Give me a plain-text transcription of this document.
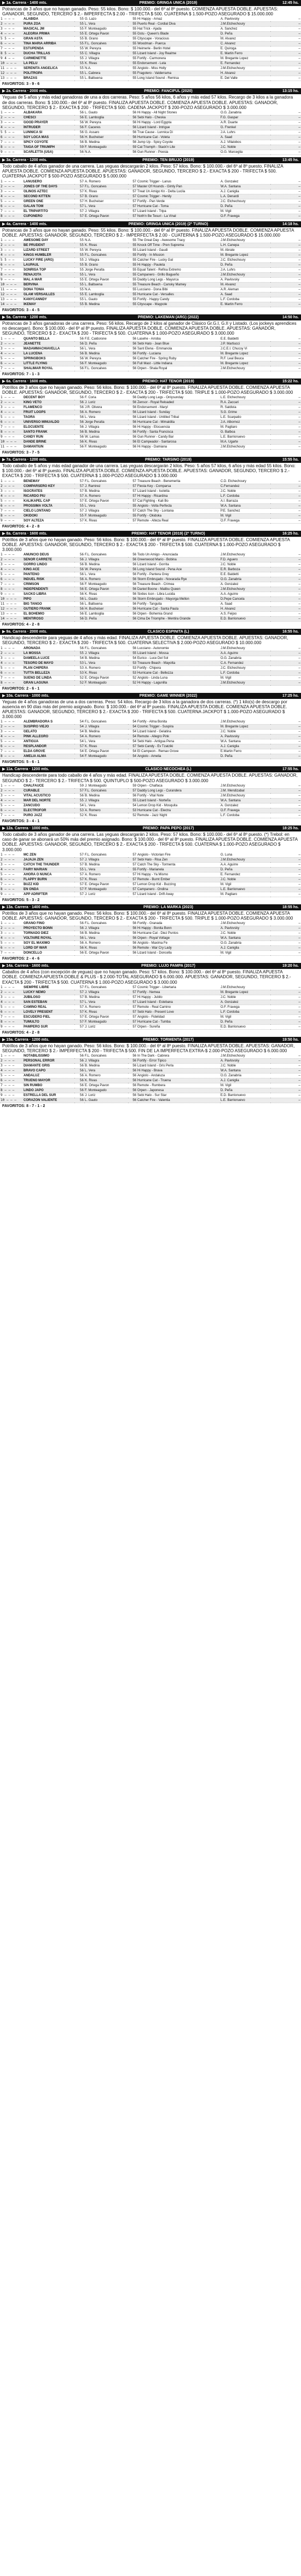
▶ 1a. Carrera · 1400 mts.	PREMIO: GRINGA UNICA (2019)	12:45 hs.
Potrancas de 3 años que no hayan ganado. Peso: 55 kilos. Bono: $ 100.000.- del 6º al 8º puesto. COMIENZA APUESTA DOBLE. APUESTAS: GANADOR, SEGUNDO, TERCERO $ 2.- IMPERFECTA $ 2.00 - TRIFECTA $ 500. CUATERNA $ 1.500-POZO ASEGURADO $ 15.000.000
1 — — —	ALABIDA	55	G. Lazo	55	Hi Happy - Arnaz	A. Pavlovsky	—
2 — — —	PURA ZOA	55	L. Vera	55	Puerto Real - Cordial Diva	J.M.Etchechoury	—
3 — — —	MAGICAL JM	55	F. Monteagudo	55	Hat Trick - Ajada	A. Sanchez	—
4 — — —	ALEGRIA PRIMA	55	E. Ortega Pavon	55	Gstu - Queen's Blade	D. Peña	—
5 5 — —	GRAN ASTA	55	B. Grano	55	Cityscape - Voracious	M. Alvarez	—
6 — — —	TINA MARIA ARRIBA	55	F.L. Goncalves	55	Woodman - Puerca	C. Alvarez	—
7 — — —	ESTUPENDA	55	W. Pereyra	55	Heimerle - Berlin Hotel	E. Quiroga	—
8 5 — —	DUCHA TRILLAS	55	C. Villagra	55	Lizard Island - Joy Realme	E. Martin Ferro	—
9 4 — —	CARMENETTE	55	J. Villagra	55	Fortify - Carmonera	M. Bregante Lopez	—
10 — — —	LA PELU	55	K. Rivas	55	Endorsement - Lela	E. Fernandez	—
11 — — —	SERENITA ANGELICA	55	N.A.	55	Angiolo - Miss Holly	J.M.Etchechoury	—
12 — — —	POLITROPA	55	L. Cabrera	55	Fragotero - Valderrama	H. Alvarez	—
13 — — —	BRAZAS	55	L. Balbuena	55	Long Island Sound - Remisa	E. Del Valle	—
FAVORITOS: 3 - 9 - 6
▶ 2a. Carrera · 2000 mts.	PREMIO: FANCIFUL (2020)	13:15 hs.
Yeguas de 5 años y más edad ganadoras de una a dos carreras. Peso: 5 años 56 kilos, 6 años y más edad 57 kilos. Recargo de 3 kilos a la ganadora de dos carreras. Bono: $ 100.000.- del 6º al 8º puesto. FINALIZA APUESTA DOBLE. COMIENZA APUESTA DOBLE. APUESTAS: GANADOR, SEGUNDO, TERCERO $ 2.- EXACTA $ 200 - TRIFECTA $ 500. CADENA JACKPOT $ 200-POZO ASEGURADO $ 3.000.000
1 — — —	ALBAKARA	56	L. Gauto	56	Hi Happy - All Night Stones	O.G. Zanabria	—
2 — — —	CHESCI	56	E. Lamboglia	56	Sebi Halo - Cheska	F.G. Gaspar	—
3 — — —	GOOD PRAYER	56	W. Pereyra	56	Hi Happy - Lord Egypta	A.R. Duarte	—
4 — — —	INTRUDER	56	F. Caceres	56	Lizard Island - Intrigue	G. Frenkel	—
5 5 — —	LUNNICA SI	56	G. Assaro	56	True Cause - Lunnica Di	J.A. Luhrs	—
6 — — —	SOY LOCA MAS	56	H. Bucheiser	56	Hurricane Cat - Voleta	A. Saad	—
7 — — —	SPICY COYOTE	56	B. Medina	56	Jump Up - Spicy Coyote	A.J. Villalobos	—
8 — — —	TAIGA OF TRIUMPH	59	F. Monteagudo	59	Cat Triumph - Stack'n Lite	J.C. Noble	—
9 — — —	SCARLETTA (USA)	56	N.A.	56	Gun Runner - Poesia	O.G. Marceglia	—
▶ 3a. Carrera · 1200 mts.	PREMIO: TEN BRUJO (2019)	13:45 hs.
Todo caballo de 4 años ganador de una carrera. Las yeguas descargarán 2 kilos. Peso: 57 kilos. Bono: $ 100.000.- del 6º al 8º puesto. FINALIZA APUESTA DOBLE. COMIENZA APUESTA DOBLE. APUESTAS: GANADOR, SEGUNDO, TERCERO $ 2.- EXACTA $ 200 - TRIFECTA $ 500. CUATERNA JACKPOT $ 500-POZO ASEGURADO $ 5.000.000
1 — — —	LANUSERO	57	A. Romero	57	Cosmic Trigger - Lanus	A. Gonzalez	—
2 — — —	JONES OF THE DAYS	57	F.L. Goncalves	57	Master Of Hounds - Gimly Pan	W.A. Santana	—
3 — — —	OLINOS AZTEC	57	K. Rivas	57	Treat Un Amigo Kn - Delta Lucila	A.J. Caniglia	—
4 — — —	SECOND KITTEN	57	B. Grano	57	Cosmic Trigger - Henily	L.A. Denardi	—
5 — — —	GREEN ONE	57	H. Bucheiser	57	Fortify - Pan Verde	J.C. Etchechoury	—
6 — — —	GALAN TOM	57	L. Vera	57	Hurricane Cat - Toma	D. Peña	—
7 — — —	EL TRIPARTITO	57	J. Villagra	57	Lizard Island - Tripa	M. Vigil	—
8 — — —	CUPONERO	57	E. Ortega Pavon	57	Noth'n Be Tesuri - La Vinal	O.F. Fravega	—
▶ 4a. Carrera · 1400 mts.	PREMIO: GRINGA UNICA (2019) (2º TURNO)	14:18 hs.
Potrancas de 3 años que no hayan ganado. Peso: 55 kilos. Bono: $ 100.000.- del 6º al 8º puesto. FINALIZA APUESTA DOBLE. COMIENZA APUESTA DOBLE. APUESTAS: GANADOR, SEGUNDO, TERCERO $ 2.- IMPERFECTA $ 2.00 - CUATERNA $ 1.500-POZO ASEGURADO $ 15.000.000
1 — — —	AWESOME DAY	55	N.A.	55	The Great Day - Awesome Tracy	J.M.Etchechoury	—
2 — — —	BE PRUDENT	55	K. Rivas	55	Knock Off Time - Pren Suprema	L.H. Canepa	—
3 — — —	LIZARD STREET	55	W. Pereyra	55	Lizard Island - Gaudi	M. Abrate	—
4 — — —	KINGS HUMBLER	55	F.L. Goncalves	55	Fortify - In Mission	M. Bregante Lopez	—
5 5 — —	LUCKY FIRE (ARG)	55	J. Villagra	55	Catcher Fire - Lucky Gal	J.C. Etchechoury	—
6 — — —	LAUPAUL	55	B. Grano	55	Hi Happy - Pauleta	D. Peña	—
7 — — —	SONRISA TOP	55	Jorge Peralta	55	Equal Talent - Refina Extremo	J.A. Luhrs	—
8 — — —	RENAJOTA	55	L. Vera	55	Campanero - Grillo Bagueño	J.M.Etchechoury	—
9 — — —	MAL A MAR	55	E. Ortega Pavon	55	Daddy Long Legs - Mayurca	A. Pavlovsky	—
10 — — —	BERVINA	55	L. Balbuena	55	Treasure Beach - Cansky Mamey	M. Alvarez	—
11 — — —	DOÑA TONIA	55	N.A.	55	Lucciano - Dona Bibi	A.R. Aleman	—
12 — — —	GLAM VERSAILLES	55	E. Lamboglia	55	Hurricane Cat - Versalles	A. Saad	—
13 — — —	KANYCANNDY	55	L. Gauto	55	Fortify - Happy Candy	L.F. Cordoba	—
14 — — —	IKEMAY	55	B. Medina	55	Cityscape - Maypole	E. Martin Ferro	—
FAVORITOS: 3 - 4 - 5
▶ 5a. Carrera · 1200 mts.	PREMIO: LAKEMAN (ARG) (2022)	14:50 hs.
Potrancas de 3 años ganadoras de una carrera. Peso: 56 kilos. Recargo de 2 kilos al ganador de Clásico Gr.G.I, G.II y Listado. (Los jockeys aprendices no descargan). Bono: $ 100.000.- del 6º al 8º puesto. FINALIZA APUESTA DOBLE. COMIENZA APUESTA DOBLE. APUESTAS: GANADOR, SEGUNDO, TERCERO $ 2.- EXACTA $ 200 - TRIFECTA $ 500. CUATERNA $ 1.000-POZO ASEGURADO $ 3.000.000
1 — — —	QUANTO BELLA	56	F.E. Caldorone	56	Lasehe - Arroba	E.E. Baldetti	—
2 — — —	JEANETTE	56	D. Peña	56	Sebi Halo - Jean Blue	J.P. Martiucci	—
3 — — —	MADAMMACHIAVELLA	56	L. Vera	56	Sant Elena - Emmanola	J.C.E.I. Chucoy Vi	—
4 — — —	LA LUCENA	56	B. Medina	56	Fortify - Luciana	M. Bregante Lopez	—
5 — — —	SPRINGBOKS	56	W. Pereyra	56	Catcher Fire - Spring Ruby	R.F. Leal Beuca	—
6 — — —	LITTLE FLYING	56	F. Monteagudo	56	Full Mast - Little Indiana	M. Bregante Lopez	—
7 — — —	SHALIMAR ROYAL	56	F.L. Goncalves	56	Orpen - Shala Royal	J.M.Etchechoury	—
FAVORITOS: 7 - 1 - 3
▶ 6a. Carrera · 1600 mts.	PREMIO: HAT TENOR (2019)	15:22 hs.
Potrillos de 3 años que no hayan ganado. Peso: 56 kilos. Bono: $ 100.000.- del 6º al 8º puesto. FINALIZA APUESTA DOBLE. COMIENZA APUESTA DOBLE. APUESTAS: GANADOR, SEGUNDO, TERCERO $ 2.- EXACTA $ 200 - TRIFECTA $ 500. TRIPLE $ 1.000-POZO ASEGURADO $ 3.000.000
1 — — —	DECENT BOY	56	F. Coria	56	Daddy Long Legs - Onlysunday	L.E. Etchechoury	—
2 — — —	KING VETO	56	J. Loriz	56	Zensor - Royal Reloaded	R.A. Zaccari	—
3 — — —	FLAMENCO	56	J.R. Olivera	56	Endorsement - Maryl	R. Saldivia	—
4 — — —	FRUIT LOOPS	56	A. Romero	56	Lizard Island - Sunday	S.G. Grime	—
5 — — —	TAORA	56	L. Vera	56	Lizard Island - Untitled Tribal	L.E. Scarpatio	—
6 — — —	UNIVERSO MINUALDO	56	Jorge Peralta	56	Hurricane Cat - Mimaldita	J.A. Albornoz	—
7 — — —	ELOCUENTE	56	J. Villagra	56	Hi Happy - Elocuencia	M. Pagliaro	—
8 — — —	SANTO FRANK	56	B. Medina	56	Fortify - Santa Francisca	G. Balboa	—
9 — — —	CANDY RUN	56	W. Lamas	56	Gun Runner - Candy Bar	L.E. Barrionuevo	—
10 — — —	DANDE BRINE	56	K. Rivas	56	El Campeador - Santarosa	M.A. Ugarte	—
11 — — —	DAMANTIUN	56	F. Monteagudo	56	Hi Happy - Damiana	J.M.Etchechoury	—
FAVORITOS: 3 - 7 - 5
▶ 7a. Carrera · 1200 mts.	PREMIO: TARSINO (2019)	15:55 hs.
Todo caballo de 5 años y más edad ganador de una carrera. Las yeguas descargarán 2 kilos. Peso: 5 años 57 kilos, 6 años y más edad 55 kilos. Bono: $ 100.000.- del 6º al 8º puesto. FINALIZA APUESTA DOBLE. COMIENZA APUESTA DOBLE. APUESTAS: GANADOR, SEGUNDO, TERCERO $ 2.- EXACTA $ 200 - TRIFECTA $ 500. CUATERNA $ 1.000-POZO ASEGURADO $ 3.000.000
1 — — —	BENEMAY	57	F.L. Goncalves	57	Treasure Beach - Benemerita	C.D. Etchechoury	—
2 — — —	COMPARSERO KEY	57	J. Ramirez	57	Fiesta Key - Comparsa	C.Fernandez	—
3 — — —	ISOCRATES	57	B. Medina	57	Lizard Island - Isoletta	J.C. Noble	—
4 — — —	RICARDO PIU	57	A. Romero	57	Hi Happy - Ricardina	L.F. Cordoba	—
5 — — —	KALIKAPEL CAP	57	E. Ortega Pavon	57	Cat Fighting - Kali Bo	A.I. Barraza	—
6 — — —	PROSSIMA VOLTA	55	L. Vera	55	Angiolo - Volta Perfecta	W.A. Santana	—
7 — — —	CIELO LONTANO	57	J. Villagra	57	Catch The Sky - Lontana	P.E. Sanchez	—
8 — — —	OKIDOKI	55	F. Monteagudo	55	Fortify - Okidoka	M. Vigil	—
9 — — —	SOY ALTEZA	57	K. Rivas	57	Remote - Alteza Real	O.F. Fravega	—
FAVORITOS: 4 - 2 - 8
▶ 8a. Carrera · 1600 mts.	PREMIO: HAT TENOR (2019) (2º TURNO)	16:25 hs.
Potrillos de 3 años que no hayan ganado. Peso: 56 kilos. Bono: $ 100.000.- del 6º al 8º puesto. FINALIZA APUESTA DOBLE. COMIENZA APUESTA DOBLE. APUESTAS: GANADOR, SEGUNDO, TERCERO $ 2.- EXACTA $ 200 - TRIFECTA $ 500. CUATERNA $ 1.000-POZO ASEGURADO $ 3.000.000
1 — — —	ANUNCIO DEUS	56	F.L. Goncalves	56	Todo Un Amigo - Anunciada	J.M.Etchechoury	—
2 — — —	SEÑOR CARRETE	56	J. Villagra	56	Greenwood Mario - Bobina	F.D. Aguero	—
3 — — —	GORRO LINDO	56	B. Medina	56	Lizard Island - Gorrita	J.C. Noble	—
4 — — —	KING ACE	56	W. Pereyra	56	Long Island Sound - Pena Ace	E.R. Barboza	—
5 — — —	PANTENO	56	L. Vera	56	Fortify - Pantera Grey	E.E. Baldetti	—
6 — — —	INDUEL RISK	56	A. Romero	56	Storm Embrujado - Novarada Rye	O.G. Zanabria	—
7 — — —	CRIMSON	56	F. Monteagudo	56	Treasure Beach - Crimea	A. Gonzalez	—
8 — — —	INDEPENDENTI	56	E. Ortega Pavon	56	Daniel Boone - Malibu Queen	J.M.Etchechoury	—
9 — — —	SACKO LIBRA	56	K. Rivas	56	Sixties Icon - Libra Lucida	A.A. Aguirre	—
10 — — —	PIPO	56	L. Gauto	56	Storm Embrujado - Mayorga Mellon	D.Pepe Cancela	—
11 — — —	BIG TANGO	56	L. Balbuena	56	Fortify - Tanguita	A. Saad	—
12 — — —	GUTIERO FRANK	56	H. Bucheiser	56	Hurricane Cat - Santa Paula	H. Alvarez	—
13 — — —	EL BOHEMIO	56	E. Lamboglia	56	Orpen - Bohemia Grand	A.S. Feijoo	—
14 — — —	MENTIROSO	56	D. Peña	56	Cima De Triomphe - Mentira Grande	E.D. Barrionuevo	—
FAVORITOS: 4 - 2 - 8
▶ 9a. Carrera · 2000 mts.	CLASICO ESPINITA (L)	16:55 hs.
Handicap descendente para yeguas de 4 años y más edad. FINALIZA APUESTA DOBLE. COMIENZA APUESTA DOBLE. APUESTAS: GANADOR, SEGUNDO, TERCERO $ 2.- EXACTA $ 200 - TRIFECTA $ 500. CUATERNA SELECTIVA $ 2.000-POZO ASEGURADO $ 10.000.000
1 — — —	ARONADA	56	F.L. Goncalves	56	Lucciano - Autonomie	J.M.Etchechoury	—
2 — — —	LA MOSSA	55	J. Villagra	55	Lizard Island - Mossa	A.A. Aguirre	—
3 — — —	DAMEELA LUCE	54	B. Medina	54	Eurico - Luce Del Sol	O.G. Zanabria	—
4 — — —	TESORO DE MAYO	53	L. Vera	53	Treasure Beach - Mayotta	C.A. Fernandez	—
5 — — —	PLAN CHIPERA	53	A. Romero	53	Fortify - Chipera	J.C. Etchechoury	—
6 — — —	TUTTA BELLEZA	53	K. Rivas	53	Hurricane Cat - Bellezza	L.F. Cordoba	—
7 — — —	SUEÑO DE LINDA	52	E. Ortega Pavon	52	Angiolo - Linda Luna	M. Vigil	—
8 — — —	GRAN LAGUNA	52	F. Monteagudo	52	Hi Happy - Lagunilla	J.M.Etchechoury	—
FAVORITOS: 2 - 6 - 1
▶ 10a. Carrera · 1000 mts.	PREMIO: GAME WINNER (2022)	17:25 hs.
Yeguas de 4 años ganadoras de una a dos carreras. Peso: 54 kilos. Recargo de 3 kilos a la ganadora de dos carreras. (*) 1 kilo(s) de descargo por ausencia en 90 días más del premio asignado. Bono: $ 100.000.- del 6º al 8º puesto. FINALIZA APUESTA DOBLE. COMIENZA APUESTA DOBLE. APUESTAS: GANADOR, SEGUNDO, TERCERO $ 2.- EXACTA $ 200 - TRIFECTA $ 500. CUATERNA JACKPOT $ 1.000-POZO ASEGURADO $ 3.000.000
1 — — —	ALEMBRADORA S	54	F.L. Goncalves	54	Fortify - Alma Bonita	J.M.Etchechoury	—
2 — — —	SUSPIRO VIEJO	54	J. Villagra	54	Cosmic Trigger - Suspira	M. Bregante Lopez	—
3 — — —	GELATO	54	B. Medina	54	Lizard Island - Gelatina	J.C. Noble	—
4 — — —	PINK ALLEGRO	54	A. Romero	54	Remote - Allegro Pink	A. Pavlovsky	—
5 — — —	ANTIGUA	54	L. Vera	54	Sebi Halo - Antigua Pena	W.A. Santana	—
6 — — —	RESPLANDOR	57	K. Rivas	57	Sebi Candy - Ev Tzatziki	A.J. Caniglia	—
7 — — —	ELDA GROVE	54	E. Ortega Pavon	54	El Campeon - Remax Grove	E.Martin Ferro	—
8 — — —	AMELIA ALMA	54	F. Monteagudo	54	Angiolo - Amelia	D. Peña	—
FAVORITOS: 5 - 6 - 1
▶ 11a. Carrera · 1200 mts.	CLASICO NECOCHEA (L)	17:55 hs.
Handicap descendente para todo caballo de 4 años y más edad. FINALIZA APUESTA DOBLE. COMIENZA APUESTA DOBLE. APUESTAS: GANADOR, SEGUNDO $ 2.- TERCERO $ 2.- TRIFECTA $ 500. QUINTUPLO $ 500-POZO ASEGURADO $ 3.000.000
1 — — —	CHALFAUCE	59	J. Monteagudo	59	Orpen - Chalfaca	J.M.Etchechoury	—
2 — — —	CURABLE	57	F.L. Goncalves	57	Daddy Long Legs - Curandera	J.M. Mendizabal	—
3 — — —	VITAL ACUSTICO	56	B. Medina	56	Fortify - Vital Note	J.M.Etchechoury	—
4 — — —	MAR DEL NORTE	55	J. Villagra	55	Lizard Island - Norteña	W.A. Santana	—
5 — — —	ZANCUDO	54	L. Vera	54	Lemon Drop Kid - Mosquita	A. Gonzalez	—
6 — — —	ELECTROFOR	53	A. Romero	53	Hurricane Cat - Electra	O.F. Fravega	—
7 — — —	PURO JAZZ	52	K. Rivas	52	Remote - Jazz Night	L.F. Cordoba	—
FAVORITOS: 3 - 4 - 1
▶ 12a. Carrera · 1000 mts.	PREMIO: PAPA PEPO (2017)	18:25 hs.
Todo caballo de 3 años ganador de una carrera. Las yeguas descargarán 2 kilos. Peso: 57 kilos. Bono: $ 100.000.- del 6º al 8º puesto. (*) Trebol: en caso de ganar se abonará un 50% más del premio asignado. Bono: $ 100.000.- del 6º al 8º puesto. FINALIZA APUESTA DOBLE. COMIENZA APUESTA DOBLE. APUESTAS: GANADOR, SEGUNDO, TERCERO $ 2.- EXACTA $ 200 - TRIFECTA $ 500. CUATERNA $ 1.000-POZO ASEGURADO $ 3.000.000
1 — — —	MC ZEN	57	F.L. Goncalves	57	Angiolo - Victorian Fire	G. Luna	—
2 — — —	JAJAJA ZEN	57	J. Villagra	57	Sebi Halo - Risa Zen	J.M.Etchechoury	—
3 — — —	CATCH THE THUNDER	57	B. Medina	57	Catch The Sky - Tormenta	A.A. Aguirre	—
4 — — —	FAIRY MARIAN	55	L. Vera	55	Fortify - Marianela	D. Peña	—
5 — — —	AHORA O NUNCA	57	A. Romero	57	Hi Happy - Ya Mismo	E. Fernandez	—
6 — — —	FLAPPY BURN	57	K. Rivas	57	Remote - Burnt Ember	J.C. Noble	—
7 — — —	BUZZ KID	57	E. Ortega Pavon	57	Lemon Drop Kid - Buzzing	M. Vigil	—
8 — — —	EN ONDA	57	F. Monteagudo	57	Campanero - Ondina	L.E. Barrionuevo	—
9 — — —	APP ADRIFTER	57	J. Loriz	57	Lizard Island - Drift Away	M. Pagliaro	—
FAVORITOS: 5 - 3 - 2
▶ 13a. Carrera · 1400 mts.	PREMIO: LA MARKA (2023)	18:55 hs.
Potrillos de 3 años que no hayan ganado. Peso: 56 kilos. Bono: $ 100.000.- del 6º al 8º puesto. FINALIZA APUESTA DOBLE. COMIENZA APUESTA DOBLE. APUESTAS: GANADOR, SEGUNDO, TERCERO $ 2.- EXACTA $ 200 - TRIFECTA $ 500. TRIPLE $ 1.000-POZO ASEGURADO $ 3.000.000
1 — — —	GRANO FINO	56	F.L. Goncalves	56	Fortify - Granada	J.M.Etchechoury	—
2 — — —	PROYECTO BONN	56	J. Villagra	56	Hi Happy - Bonita Bonn	A. Pavlovsky	—
3 — — —	TORNADO DIEZ	56	B. Medina	56	Hurricane Cat - Diez Puntos	J.C. Noble	—
4 — — —	VOLTAIRE ROYAL	56	L. Vera	56	Orpen - Royal Voltage	W.A. Santana	—
5 — — —	SOY EL MAXIMO	56	A. Romero	56	Angiolo - Maxima Fe	O.G. Zanabria	—
6 — — —	LORD OF WAR	56	K. Rivas	56	Remote - War Cry Lady	A.J. Caniglia	—
7 — — —	DONCELLO	56	E. Ortega Pavon	56	Lizard Island - Doncella	M. Vigil	—
FAVORITOS: 2 - 4 - 6
▶ 14a. Carrera · 1600 mts.	PREMIO: LUJO PAMPA (2017)	19:20 hs.
Caballos de 4 años (con excepción de yeguas) que no hayan ganado. Peso: 57 kilos. Bono: $ 100.000.- del 6º al 8º puesto. FINALIZA APUESTA DOBLE. COMIENZA APUESTA DOBLE & PLUS - $ 2.000-TOTAL ASEGURADO $ 6.000.000. APUESTAS: GANADOR, SEGUNDO, TERCERO $ 2.- EXACTA $ 200 - TRIFECTA $ 500. CUATERNA $ 1.000-POZO ASEGURADO $ 3.000.000
1 — — —	SIEMPRE LIBRE	57	F.L. Goncalves	57	Cosmic Trigger - Libertaria	J.M.Etchechoury	—
2 — — —	LUCKY NEMO	57	J. Villagra	57	Fortify - Nemea	M. Bregante Lopez	—
3 — — —	JUBILOSO	57	B. Medina	57	Hi Happy - Jubilo	J.C. Noble	—
4 — — —	SAN ESTEBAN	57	L. Vera	57	Lizard Island - Estebana	A. Gonzalez	—
5 — — —	CAMINO REAL	57	A. Romero	57	Remote - Real Camino	O.F. Fravega	—
6 — — —	LOVELY PRESENT	57	K. Rivas	57	Sebi Halo - Present Love	L.F. Cordoba	—
7 — — —	ESCUDERO FIEL	57	E. Ortega Pavon	57	Angiolo - Fidelidad	M. Vigil	—
8 — — —	TUMULTO	57	F. Monteagudo	57	Hurricane Cat - Tumba	D. Peña	—
9 — — —	PAMPERO SUR	57	J. Loriz	57	Orpen - Sureña	E.D. Barrionuevo	—
FAVORITOS: 4 - 2 - 8
▶ 15a. Carrera · 1200 mts.	PREMIO: TORMENTA (2017)	19:50 hs.
Potrillos de 3 años que no hayan ganado. Peso: 56 kilos. Bono: $ 100.000.- del 6º al 8º puesto. FINALIZA APUESTA DOBLE. APUESTAS: GANADOR, SEGUNDO, TERCERO $ 2.- IMPERFECTA $ 200 - TRIFECTA $ 500. FIN DE LA IMPERFECTA EXTRA-$ 2.000-POZO ASEGURADO $ 6.000.000
1 — — —	NOTABILISSIMO	56	F.L. Goncalves	56	In The Dark - Cabrera	J.M.Etchechoury	—
2 — — —	PERSONAL ERROR	56	J. Villagra	56	Fortify - Error Tipico	A. Pavlovsky	—
3 — — —	DIAMANTE GRIS	56	B. Medina	56	Lizard Island - Gris Perla	J.C. Noble	—
4 — — —	BRAVO CAPO	56	L. Vera	56	Hi Happy - Brava	W.A. Santana	—
5 — — —	ANDALUZ	56	A. Romero	56	Angiolo - Andaluza	O.G. Zanabria	—
6 — — —	TRUENO MAYOR	56	K. Rivas	56	Hurricane Cat - Truena	A.J. Caniglia	—
7 — — —	SIN RUMBO	56	E. Ortega Pavon	56	Remote - Rumbera	M. Vigil	—
8 — — —	LINDO JAPO	56	F. Monteagudo	56	Orpen - Japonesa	D. Peña	—
9 — — —	ESTRELLA DEL SUR	56	J. Loriz	56	Sebi Halo - Sur Star	E.D. Barrionuevo	—
10 — — —	CORAZON VALIENTE	56	L. Gauto	56	Catcher Fire - Valentia	L.E. Barrionuevo	—
FAVORITOS: 8 - 7 - 1 - 2
